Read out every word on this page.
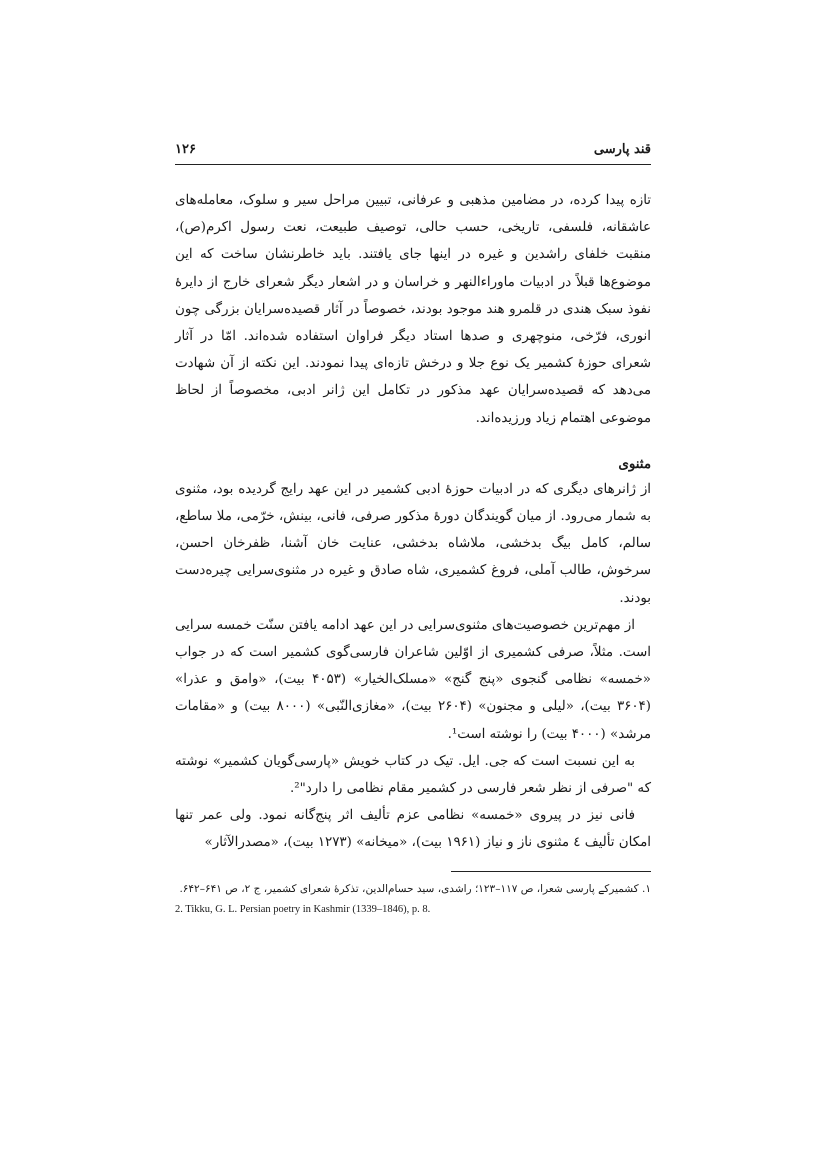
قند پارسی
۱۲۶

تازه پیدا کرده، در مضامین مذهبی و عرفانی، تبیین مراحل سیر و سلوک، معامله‌های عاشقانه، فلسفی، تاریخی، حسب حالی، توصیف طبیعت، نعت رسول اکرم(ص)، منقبت خلفای راشدین و غیره در اینها جای یافتند. باید خاطرنشان ساخت که این موضوع‌ها قبلاً در ادبیات ماوراءالنهر و خراسان و در اشعار دیگر شعرای خارج از دایرهٔ نفوذ سبک هندی در قلمرو هند موجود بودند، خصوصاً در آثار قصیده‌سرایان بزرگی چون انوری، فرّخی، منوچهری و صدها استاد دیگر فراوان استفاده شده‌اند. امّا در آثار شعرای حوزهٔ کشمیر یک نوع جلا و درخش تازه‌ای پیدا نمودند. این نکته از آن شهادت می‌دهد که قصیده‌سرایان عهد مذکور در تکامل این ژانر ادبی، مخصوصاً از لحاظ موضوعی اهتمام زیاد ورزیده‌اند.

مثنوی

از ژانرهای دیگری که در ادبیات حوزهٔ ادبی کشمیر در این عهد رایج گردیده بود، مثنوی به شمار می‌رود. از میان گویندگان دورهٔ مذکور صرفی، فانی، بینش، خرّمی، ملا ساطع، سالم، کامل بیگ بدخشی، ملاشاه بدخشی، عنایت خان آشنا، ظفرخان احسن، سرخوش، طالب آملی، فروغ کشمیری، شاه صادق و غیره در مثنوی‌سرایی چیره‌دست بودند.

از مهم‌ترین خصوصیت‌های مثنوی‌سرایی در این عهد ادامه یافتن سنّت خمسه سرایی است. مثلاً، صرفی کشمیری از اوّلین شاعران فارسی‌گوی کشمیر است که در جواب «خمسه» نظامی گنجوی «پنج گنج» «مسلک‌الخیار» (۴۰۵۳ بیت)، «وامق و عذرا» (۳۶۰۴ بیت)، «لیلی و مجنون» (۲۶۰۴ بیت)، «مغازی‌النّبی» (۸۰۰۰ بیت) و «مقامات مرشد» (۴۰۰۰ بیت) را نوشته است¹.

به این نسبت است که جی. ایل. تیک در کتاب خویش «پارسی‌گویان کشمیر» نوشته که "صرفی از نظر شعر فارسی در کشمیر مقام نظامی را دارد"².

فانی نیز در پیروی «خمسه» نظامی عزم تألیف اثر پنج‌گانه نمود. ولی عمر تنها امکان تألیف ٤ مثنوی ناز و نیاز (۱۹۶۱ بیت)، «میخانه» (۱۲۷۳ بیت)، «مصدرالآثار»

۱. کشمیرکے پارسی شعرا، ص ۱۱۷–۱۲۳؛ راشدی، سید حسام‌الدین، تذکرهٔ شعرای کشمیر، ج ۲، ص ۶۴۱–۶۴۲.
2. Tikku, G. L. Persian poetry in Kashmir (1339–1846), p. 8.
